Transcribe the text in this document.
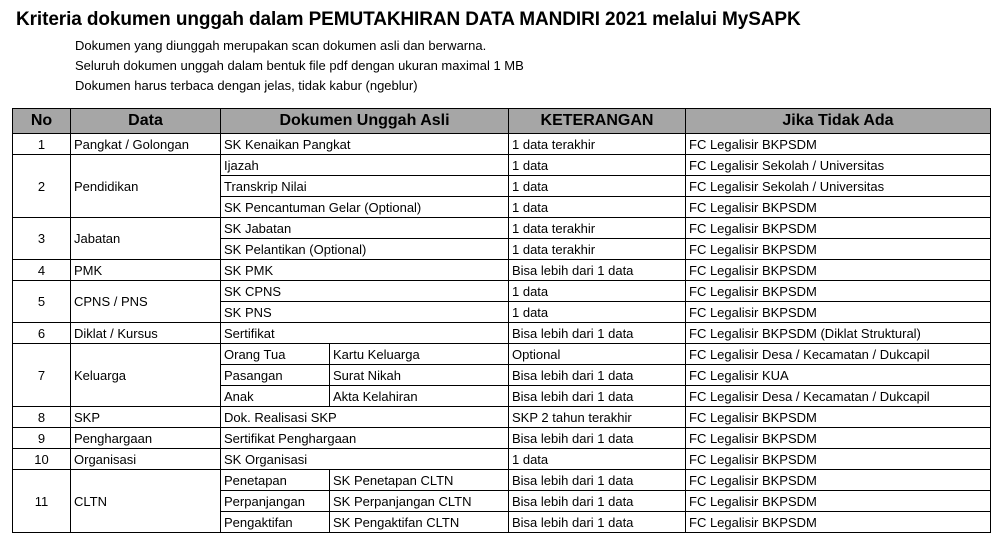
Kriteria dokumen unggah dalam PEMUTAKHIRAN DATA MANDIRI 2021 melalui MySAPK
Dokumen yang diunggah merupakan scan dokumen asli dan berwarna.
Seluruh dokumen unggah dalam bentuk file pdf dengan ukuran maximal 1 MB
Dokumen harus terbaca dengan jelas, tidak kabur (ngeblur)
No	Data	Dokumen Unggah Asli		KETERANGAN	Jika Tidak Ada
1	Pangkat / Golongan	SK Kenaikan Pangkat		1 data terakhir	FC Legalisir BKPSDM
2	Pendidikan	Ijazah		1 data	FC Legalisir Sekolah / Universitas
		Transkrip Nilai		1 data	FC Legalisir Sekolah / Universitas
		SK Pencantuman Gelar (Optional)		1 data	FC Legalisir BKPSDM
3	Jabatan	SK Jabatan		1 data terakhir	FC Legalisir BKPSDM
		SK Pelantikan (Optional)		1 data terakhir	FC Legalisir BKPSDM
4	PMK	SK PMK		Bisa lebih dari 1 data	FC Legalisir BKPSDM
5	CPNS / PNS	SK CPNS		1 data	FC Legalisir BKPSDM
		SK PNS		1 data	FC Legalisir BKPSDM
6	Diklat / Kursus	Sertifikat		Bisa lebih dari 1 data	FC Legalisir BKPSDM (Diklat Struktural)
7	Keluarga	Orang Tua	Kartu Keluarga	Optional	FC Legalisir Desa / Kecamatan / Dukcapil
		Pasangan	Surat Nikah	Bisa lebih dari 1 data	FC Legalisir KUA
		Anak	Akta Kelahiran	Bisa lebih dari 1 data	FC Legalisir Desa / Kecamatan / Dukcapil
8	SKP	Dok. Realisasi SKP		SKP 2 tahun terakhir	FC Legalisir BKPSDM
9	Penghargaan	Sertifikat Penghargaan		Bisa lebih dari 1 data	FC Legalisir BKPSDM
10	Organisasi	SK Organisasi		1 data	FC Legalisir BKPSDM
11	CLTN	Penetapan	SK Penetapan CLTN	Bisa lebih dari 1 data	FC Legalisir BKPSDM
		Perpanjangan	SK Perpanjangan CLTN	Bisa lebih dari 1 data	FC Legalisir BKPSDM
		Pengaktifan	SK Pengaktifan CLTN	Bisa lebih dari 1 data	FC Legalisir BKPSDM
